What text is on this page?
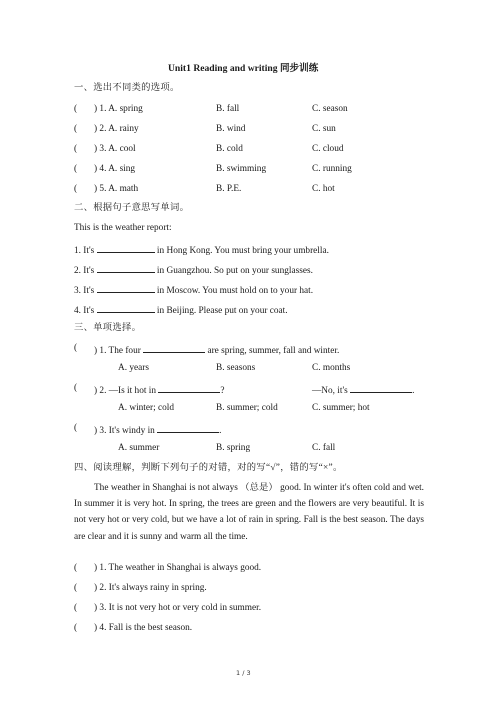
Unit1 Reading and writing 同步训练
一、选出不同类的选项。
( ) 1. A. spring	B. fall	C. season
( ) 2. A. rainy	B. wind	C. sun
( ) 3. A. cool	B. cold	C. cloud
( ) 4. A. sing	B. swimming	C. running
( ) 5. A. math	B. P.E.	C. hot
二、根据句子意思写单词。
This is the weather report:
1. It's	in Hong Kong. You must bring your umbrella.
2. It's	in Guangzhou. So put on your sunglasses.
3. It's	in Moscow. You must hold on to your hat.
4. It's	in Beijing. Please put on your coat.
三、单项选择。
( ) 1. The four	are spring, summer, fall and winter.
A. years	B. seasons	C. months
( ) 2. —Is it hot in	?	—No, it's	.
A. winter; cold	B. summer; cold	C. summer; hot
( ) 3. It's windy in	.
A. summer	B. spring	C. fall
四、阅读理解，判断下列句子的对错，对的写“√”，错的写“×”。
The weather in Shanghai is not always （总是） good. In winter it's often cold and wet. In summer it is very hot. In spring, the trees are green and the flowers are very beautiful. It is not very hot or very cold, but we have a lot of rain in spring. Fall is the best season. The days are clear and it is sunny and warm all the time.
( ) 1. The weather in Shanghai is always good.
( ) 2. It's always rainy in spring.
( ) 3. It is not very hot or very cold in summer.
( ) 4. Fall is the best season.
1 / 3
